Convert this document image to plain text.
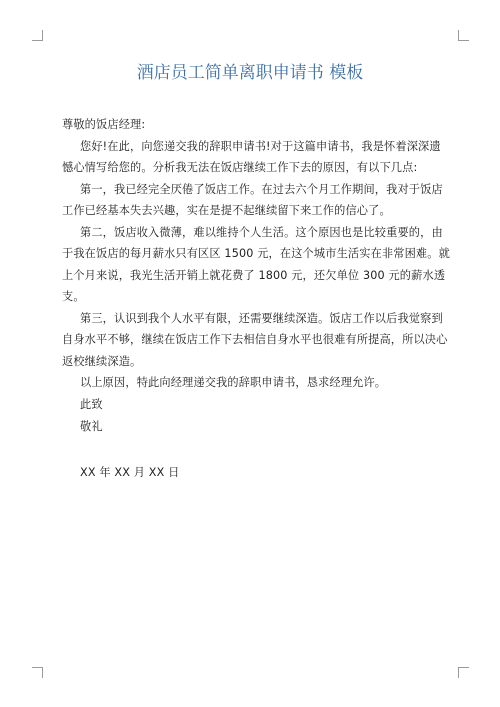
酒店员工简单离职申请书 模板

尊敬的饭店经理:

您好!在此，向您递交我的辞职申请书!对于这篇申请书，我是怀着深深遗憾心情写给您的。分析我无法在饭店继续工作下去的原因，有以下几点:

第一，我已经完全厌倦了饭店工作。在过去六个月工作期间，我对于饭店工作已经基本失去兴趣，实在是提不起继续留下来工作的信心了。

第二，饭店收入微薄，难以维持个人生活。这个原因也是比较重要的，由于我在饭店的每月薪水只有区区 1500 元，在这个城市生活实在非常困难。就上个月来说，我光生活开销上就花费了 1800 元，还欠单位 300 元的薪水透支。

第三，认识到我个人水平有限，还需要继续深造。饭店工作以后我觉察到自身水平不够，继续在饭店工作下去相信自身水平也很难有所提高，所以决心返校继续深造。

以上原因，特此向经理递交我的辞职申请书，恳求经理允许。

此致

敬礼

XX 年 XX 月 XX 日
